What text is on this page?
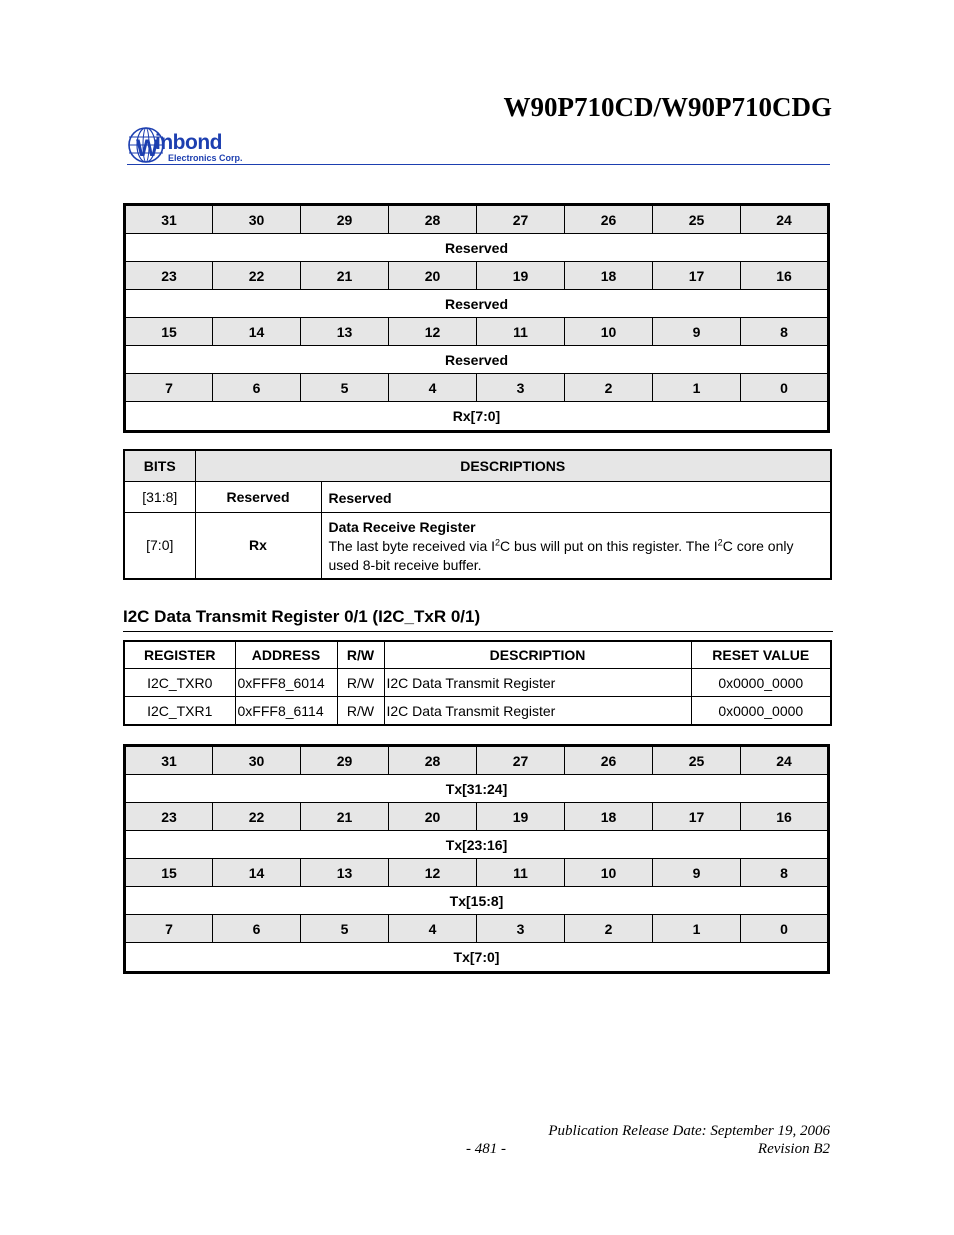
W90P710CD/W90P710CDG
W
inbond
Electronics Corp.
31	30	29	28	27	26	25	24
Reserved							
23	22	21	20	19	18	17	16
Reserved							
15	14	13	12	11	10	9	8
Reserved							
7	6	5	4	3	2	1	0
Rx[7:0]							
BITS	DESCRIPTIONS	
[31:8]	Reserved	Reserved
[7:0]	Rx	Data Receive Register
The last byte received via $I^2C$ bus will put on this register. The $I^2C$ core only used 8-bit receive buffer.
I2C Data Transmit Register 0/1 (I2C_TxR 0/1)
REGISTER	ADDRESS	R/W	DESCRIPTION	RESET VALUE
I2C_TXR0	0xFFF8_6014	R/W	I2C Data Transmit Register	0x0000_0000
I2C_TXR1	0xFFF8_6114	R/W	I2C Data Transmit Register	0x0000_0000
31	30	29	28	27	26	25	24
Tx[31:24]							
23	22	21	20	19	18	17	16
Tx[23:16]							
15	14	13	12	11	10	9	8
Tx[15:8]							
7	6	5	4	3	2	1	0
Tx[7:0]							
Publication Release Date: September 19, 2006
- 481 -	Revision B2
